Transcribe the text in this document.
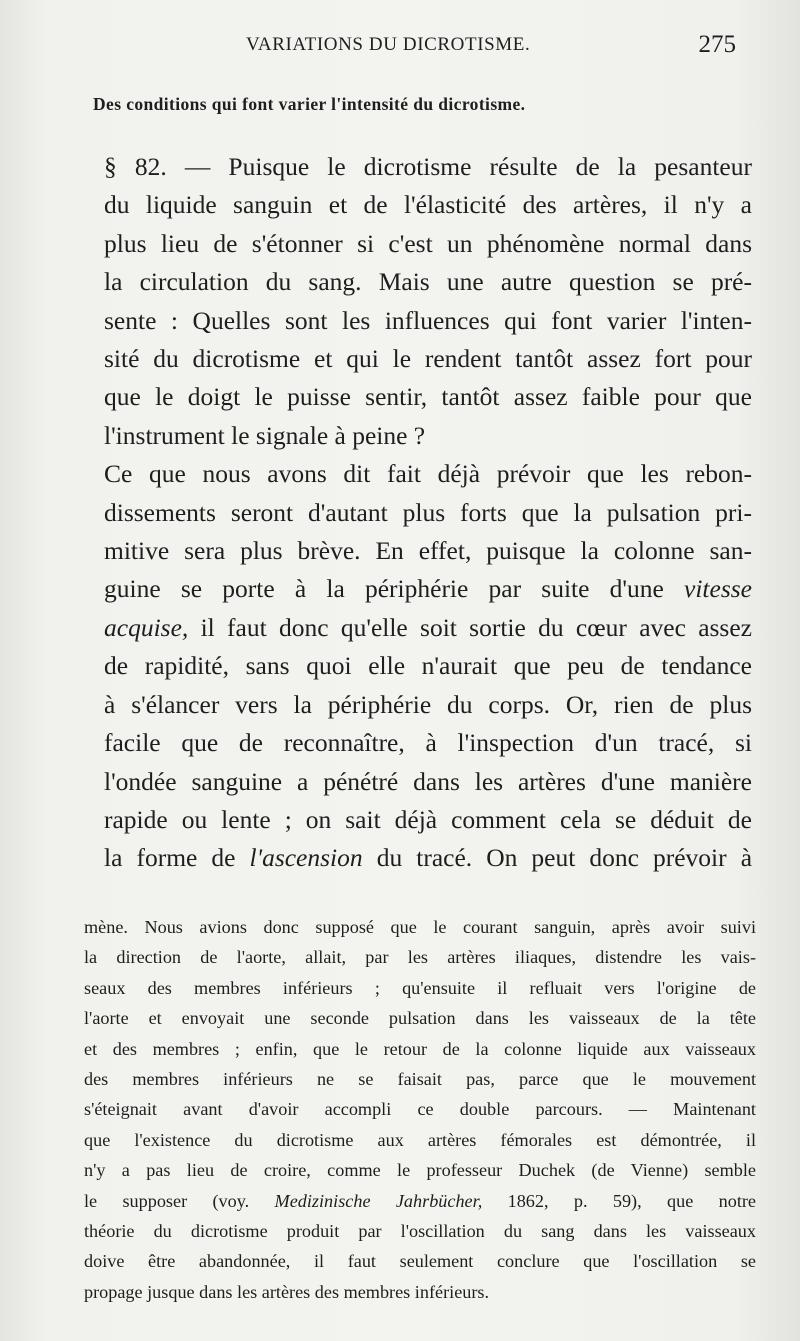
VARIATIONS DU DICROTISME.	275
Des conditions qui font varier l'intensité du dicrotisme.

§ 82. — Puisque le dicrotisme résulte de la pesanteur
du liquide sanguin et de l'élasticité des artères, il n'y a
plus lieu de s'étonner si c'est un phénomène normal dans
la circulation du sang. Mais une autre question se pré-
sente : Quelles sont les influences qui font varier l'inten-
sité du dicrotisme et qui le rendent tantôt assez fort pour
que le doigt le puisse sentir, tantôt assez faible pour que
l'instrument le signale à peine ?

Ce que nous avons dit fait déjà prévoir que les rebon-
dissements seront d'autant plus forts que la pulsation pri-
mitive sera plus brève. En effet, puisque la colonne san-
guine se porte à la périphérie par suite d'une vitesse
acquise, il faut donc qu'elle soit sortie du cœur avec assez
de rapidité, sans quoi elle n'aurait que peu de tendance
à s'élancer vers la périphérie du corps. Or, rien de plus
facile que de reconnaître, à l'inspection d'un tracé, si
l'ondée sanguine a pénétré dans les artères d'une manière
rapide ou lente ; on sait déjà comment cela se déduit de
la forme de l'ascension du tracé. On peut donc prévoir à

mène. Nous avions donc supposé que le courant sanguin, après avoir suivi
la direction de l'aorte, allait, par les artères iliaques, distendre les vais-
seaux des membres inférieurs ; qu'ensuite il refluait vers l'origine de
l'aorte et envoyait une seconde pulsation dans les vaisseaux de la tête
et des membres ; enfin, que le retour de la colonne liquide aux vaisseaux
des membres inférieurs ne se faisait pas, parce que le mouvement
s'éteignait avant d'avoir accompli ce double parcours. — Maintenant
que l'existence du dicrotisme aux artères fémorales est démontrée, il
n'y a pas lieu de croire, comme le professeur Duchek (de Vienne) semble
le supposer (voy. Medizinische Jahrbücher, 1862, p. 59), que notre
théorie du dicrotisme produit par l'oscillation du sang dans les vaisseaux
doive être abandonnée, il faut seulement conclure que l'oscillation se
propage jusque dans les artères des membres inférieurs.
